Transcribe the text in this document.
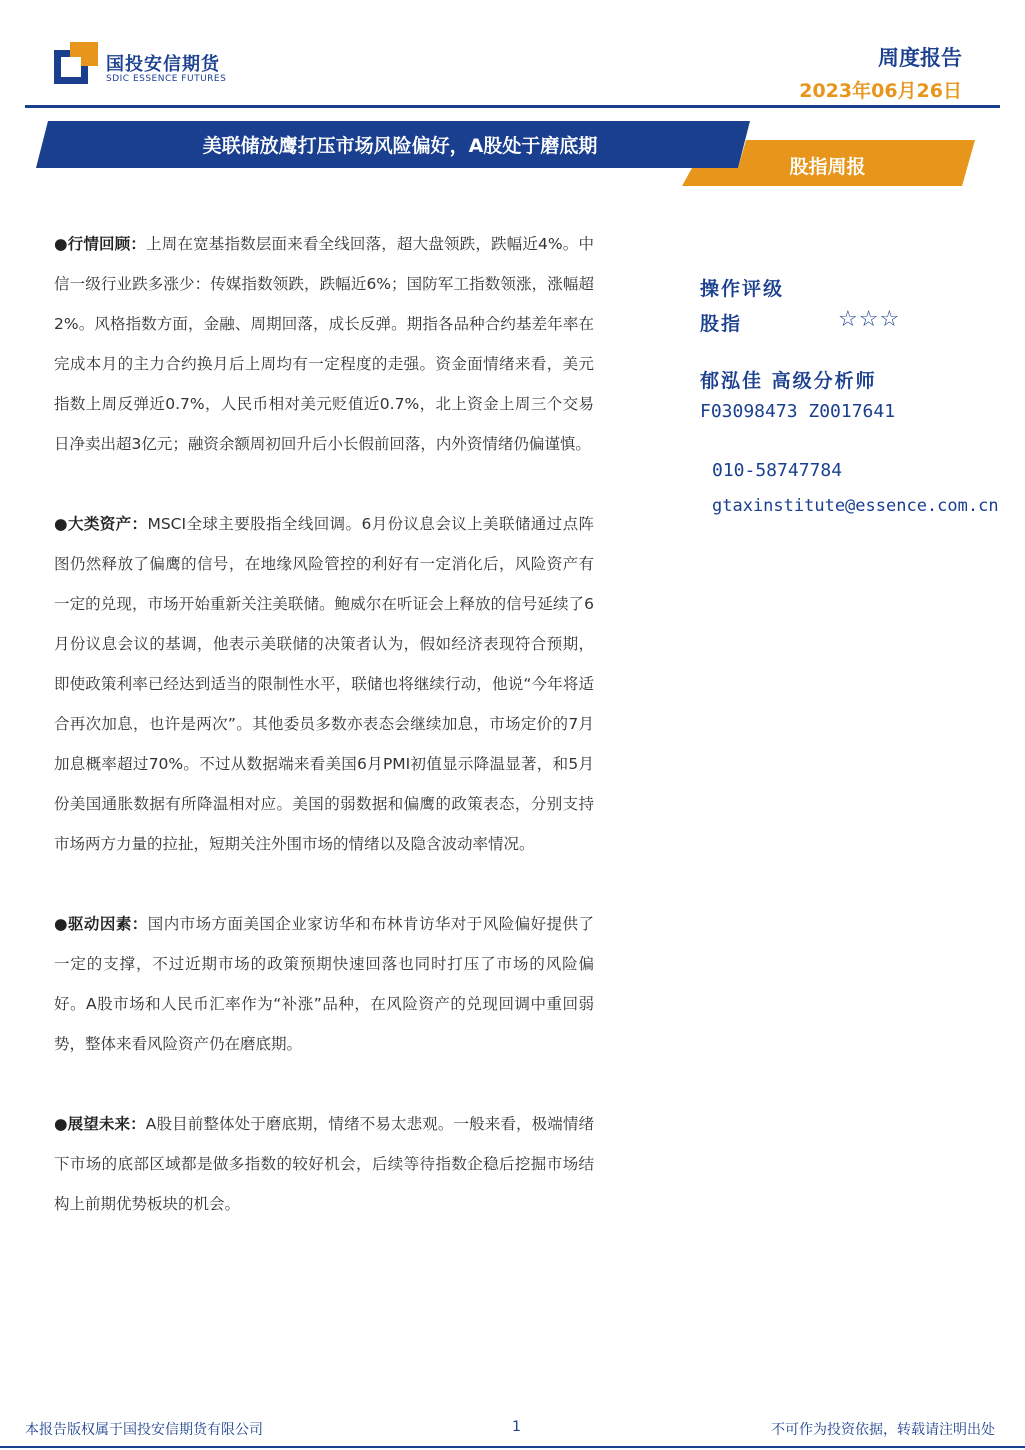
国投安信期货
SDIC ESSENCE FUTURES
周度报告
2023年06月26日
美联储放鹰打压市场风险偏好，A股处于磨底期
股指周报

●行情回顾：上周在宽基指数层面来看全线回落，超大盘领跌，跌幅近4%。中信一级行业跌多涨少：传媒指数领跌，跌幅近6%；国防军工指数领涨，涨幅超2%。风格指数方面，金融、周期回落，成长反弹。期指各品种合约基差年率在完成本月的主力合约换月后上周均有一定程度的走强。资金面情绪来看，美元指数上周反弹近0.7%，人民币相对美元贬值近0.7%，北上资金上周三个交易日净卖出超3亿元；融资余额周初回升后小长假前回落，内外资情绪仍偏谨慎。

●大类资产：MSCI全球主要股指全线回调。6月份议息会议上美联储通过点阵图仍然释放了偏鹰的信号，在地缘风险管控的利好有一定消化后，风险资产有一定的兑现，市场开始重新关注美联储。鲍威尔在听证会上释放的信号延续了6月份议息会议的基调，他表示美联储的决策者认为，假如经济表现符合预期，即使政策利率已经达到适当的限制性水平，联储也将继续行动，他说“今年将适合再次加息，也许是两次”。其他委员多数亦表态会继续加息，市场定价的7月加息概率超过70%。不过从数据端来看美国6月PMI初值显示降温显著，和5月份美国通胀数据有所降温相对应。美国的弱数据和偏鹰的政策表态，分别支持市场两方力量的拉扯，短期关注外围市场的情绪以及隐含波动率情况。

●驱动因素：国内市场方面美国企业家访华和布林肯访华对于风险偏好提供了一定的支撑，不过近期市场的政策预期快速回落也同时打压了市场的风险偏好。A股市场和人民币汇率作为“补涨”品种，在风险资产的兑现回调中重回弱势，整体来看风险资产仍在磨底期。

●展望未来：A股目前整体处于磨底期，情绪不易太悲观。一般来看，极端情绪下市场的底部区域都是做多指数的较好机会，后续等待指数企稳后挖掘市场结构上前期优势板块的机会。

操作评级
股指	☆☆☆
郁泓佳 高级分析师
F03098473 Z0017641
010-58747784
gtaxinstitute@essence.com.cn
本报告版权属于国投安信期货有限公司	1	不可作为投资依据，转载请注明出处
